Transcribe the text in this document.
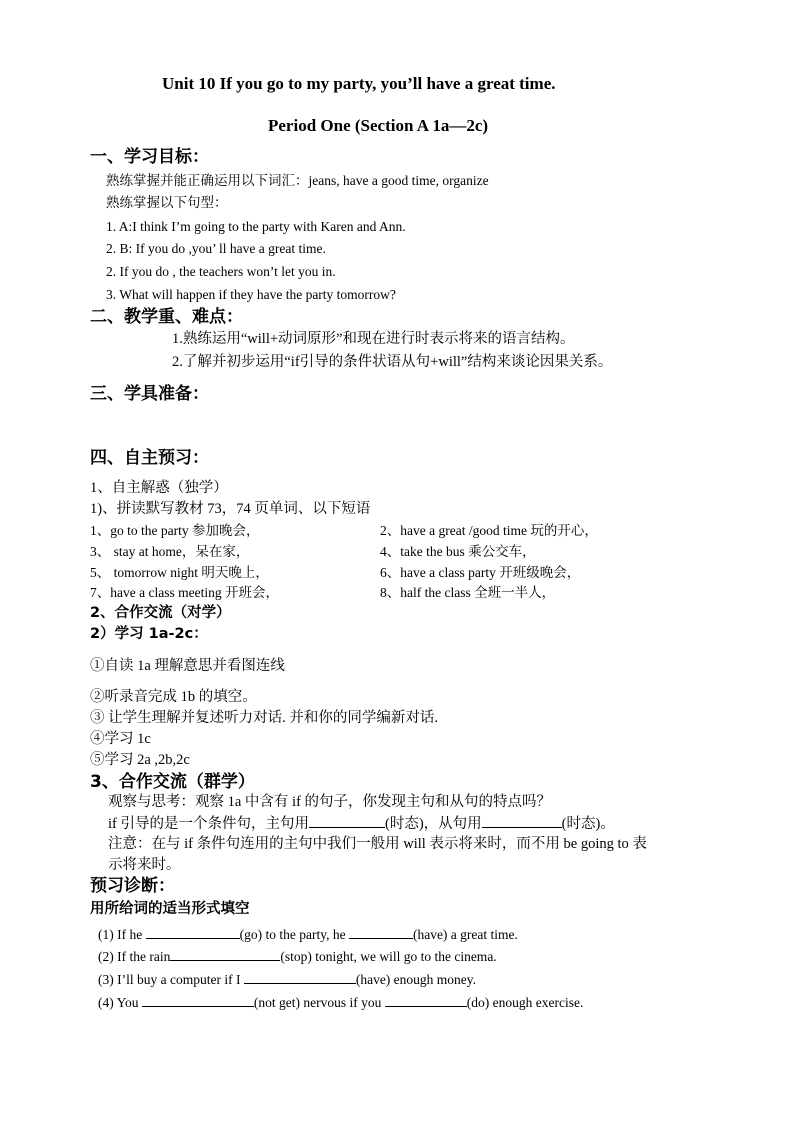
Unit 10 If you go to my party, you’ll have a great time.
Period One (Section A 1a—2c)
一、学习目标：
熟练掌握并能正确运用以下词汇：jeans, have a good time, organize
熟练掌握以下句型：
1. A:I think I’m going to the party with Karen and Ann.
2. B: If you do ,you’ ll have a great time.
2. If you do , the teachers won’t let you in.
3. What will happen if they have the party tomorrow?
二、教学重、难点：
1.熟练运用“will+动词原形”和现在进行时表示将来的语言结构。
2.了解并初步运用“if引导的条件状语从句+will”结构来谈论因果关系。
三、学具准备：
四、自主预习：
1、自主解惑（独学）
1)、拼读默写教材 73，74 页单词、以下短语
1、go to the party 参加晚会，	2、have a great /good time 玩的开心，
3、 stay at home，呆在家，	4、take the bus 乘公交车，
5、 tomorrow night 明天晚上，	6、have a class party 开班级晚会，
7、have a class meeting 开班会，	8、half the class 全班一半人，
2、合作交流（对学）
2）学习 1a-2c：
①自读 1a 理解意思并看图连线
②听录音完成 1b 的填空。
③ 让学生理解并复述听力对话. 并和你的同学编新对话.
④学习 1c
⑤学习 2a ,2b,2c
3、合作交流（群学）
观察与思考：观察 1a 中含有 if 的句子，你发现主句和从句的特点吗？
if 引导的是一个条件句，主句用	(时态)，从句用	(时态)。
注意：在与 if 条件句连用的主句中我们一般用 will 表示将来时，而不用 be going to 表
示将来时。
预习诊断：
用所给词的适当形式填空
(1) If he	(go) to the party, he	(have) a great time.
(2) If the rain	(stop) tonight, we will go to the cinema.
(3) I’ll buy a computer if I	(have) enough money.
(4) You	(not get) nervous if you	(do) enough exercise.
